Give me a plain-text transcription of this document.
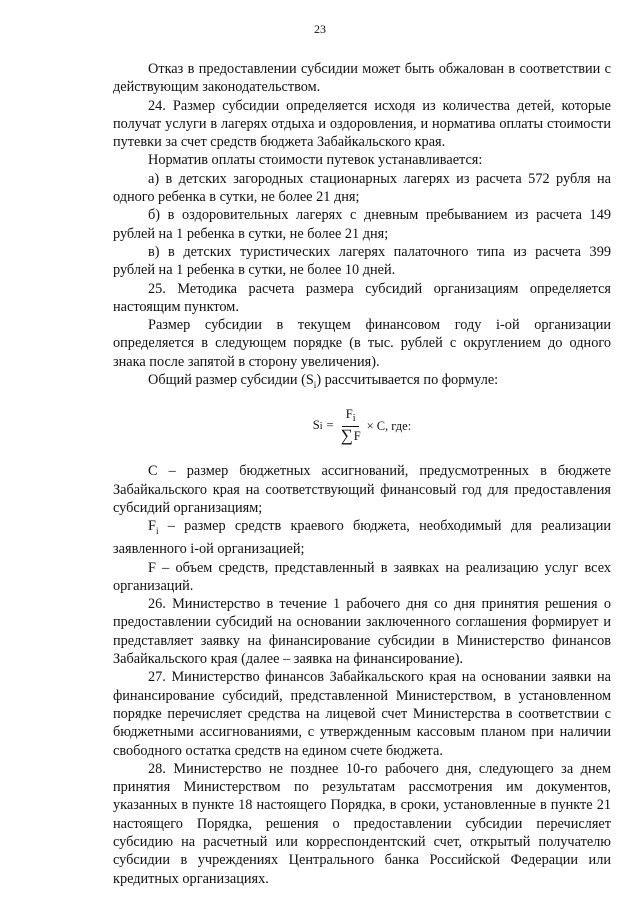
23

Отказ в предоставлении субсидии может быть обжалован в соответствии с действующим законодательством.

24. Размер субсидии определяется исходя из количества детей, которые получат услуги в лагерях отдыха и оздоровления, и норматива оплаты стоимости путевки за счет средств бюджета Забайкальского края.

Норматив оплаты стоимости путевок устанавливается:

а) в детских загородных стационарных лагерях из расчета 572 рубля на одного ребенка в сутки, не более 21 дня;

б) в оздоровительных лагерях с дневным пребыванием из расчета 149 рублей на 1 ребенка в сутки, не более 21 дня;

в) в детских туристических лагерях палаточного типа из расчета 399 рублей на 1 ребенка в сутки, не более 10 дней.

25. Методика расчета размера субсидий организациям определяется настоящим пунктом.

Размер субсидии в текущем финансовом году i-ой организации определяется в следующем порядке (в тыс. рублей с округлением до одного знака после запятой в сторону увеличения).

Общий размер субсидии $(S_i)$ рассчитывается по формуле:

S $i = \frac{F_i}{\sum F} \times C$, где:

C – размер бюджетных ассигнований, предусмотренных в бюджете Забайкальского края на соответствующий финансовый год для предоставления субсидий организациям;

$F_i$ – размер средств краевого бюджета, необходимый для реализации заявленного i-ой организацией;

F – объем средств, представленный в заявках на реализацию услуг всех организаций.

26. Министерство в течение 1 рабочего дня со дня принятия решения о предоставлении субсидий на основании заключенного соглашения формирует и представляет заявку на финансирование субсидии в Министерство финансов Забайкальского края (далее – заявка на финансирование).

27. Министерство финансов Забайкальского края на основании заявки на финансирование субсидий, представленной Министерством, в установленном порядке перечисляет средства на лицевой счет Министерства в соответствии с бюджетными ассигнованиями, с утвержденным кассовым планом при наличии свободного остатка средств на едином счете бюджета.

28. Министерство не позднее 10-го рабочего дня, следующего за днем принятия Министерством по результатам рассмотрения им документов, указанных в пункте 18 настоящего Порядка, в сроки, установленные в пункте 21 настоящего Порядка, решения о предоставлении субсидии перечисляет субсидию на расчетный или корреспондентский счет, открытый получателю субсидии в учреждениях Центрального банка Российской Федерации или кредитных организациях.
